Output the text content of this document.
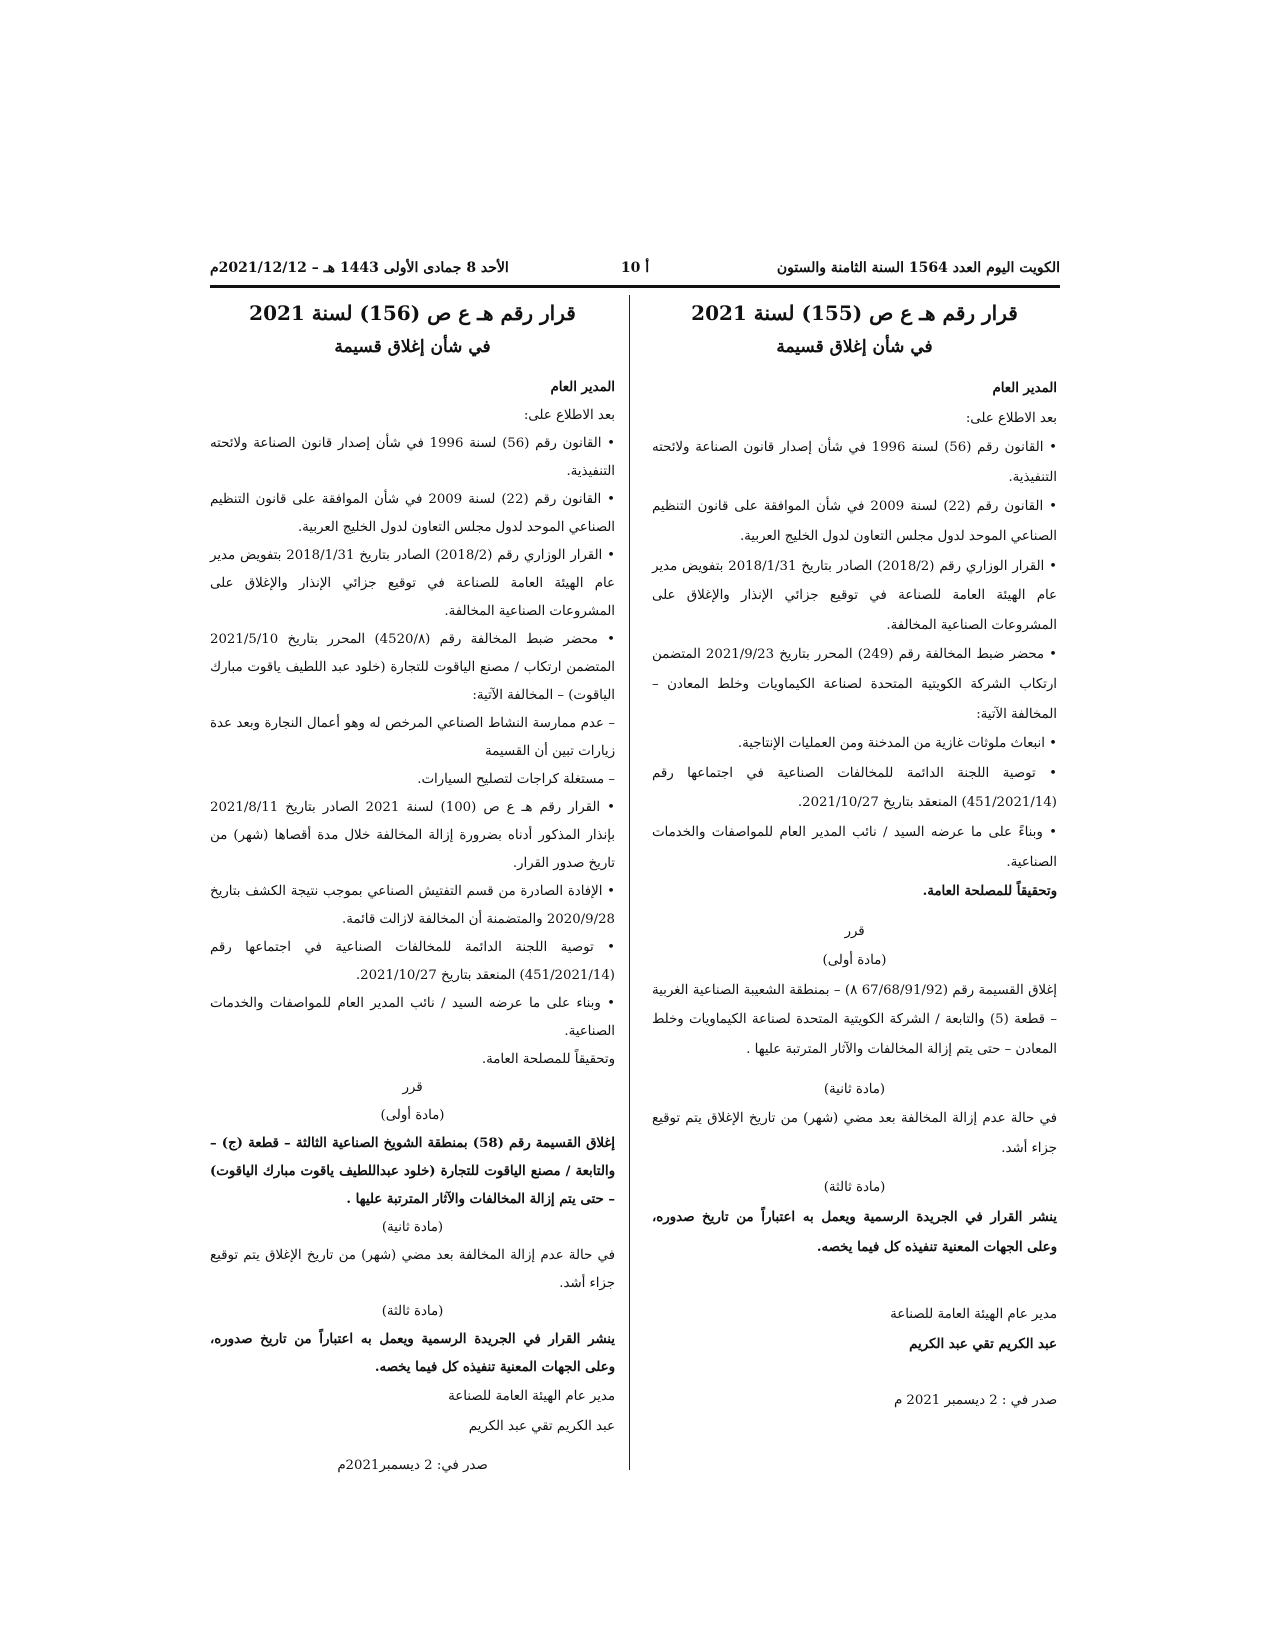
الكويت اليوم العدد 1564 السنة الثامنة والستون
أ 10
الأحد 8 جمادى الأولى 1443 هـ – 2021/12/12م

قرار رقم هـ ع ص (155) لسنة 2021

في شأن إغلاق قسيمة

المدير العام

بعد الاطلاع على:

• القانون رقم (56) لسنة 1996 في شأن إصدار قانون الصناعة ولائحته التنفيذية.

• القانون رقم (22) لسنة 2009 في شأن الموافقة على قانون التنظيم الصناعي الموحد لدول مجلس التعاون لدول الخليج العربية.

• القرار الوزاري رقم (2018/2) الصادر بتاريخ 2018/1/31 بتفويض مدير عام الهيئة العامة للصناعة في توقيع جزائي الإنذار والإغلاق على المشروعات الصناعية المخالفة.

• محضر ضبط المخالفة رقم (249) المحرر بتاريخ 2021/9/23 المتضمن ارتكاب الشركة الكويتية المتحدة لصناعة الكيماويات وخلط المعادن – المخالفة الآتية:

• انبعاث ملوثات غازية من المدخنة ومن العمليات الإنتاجية.

• توصية اللجنة الدائمة للمخالفات الصناعية في اجتماعها رقم (451/2021/14) المنعقد بتاريخ 2021/10/27.

• وبناءً على ما عرضه السيد / نائب المدير العام للمواصفات والخدمات الصناعية.

وتحقيقاً للمصلحة العامة.

قرر

(مادة أولى)

إغلاق القسيمة رقم (67/68/91/92 ٨) – بمنطقة الشعيبة الصناعية الغربية – قطعة (5) والتابعة / الشركة الكويتية المتحدة لصناعة الكيماويات وخلط المعادن – حتى يتم إزالة المخالفات والآثار المترتبة عليها .

(مادة ثانية)

في حالة عدم إزالة المخالفة بعد مضي (شهر) من تاريخ الإغلاق يتم توقيع جزاء أشد.

(مادة ثالثة)

ينشر القرار في الجريدة الرسمية ويعمل به اعتباراً من تاريخ صدوره، وعلى الجهات المعنية تنفيذه كل فيما يخصه.

مدير عام الهيئة العامة للصناعة

عبد الكريم تقي عبد الكريم

صدر في : 2 ديسمبر 2021 م

قرار رقم هـ ع ص (156) لسنة 2021

في شأن إغلاق قسيمة

المدير العام

بعد الاطلاع على:

• القانون رقم (56) لسنة 1996 في شأن إصدار قانون الصناعة ولائحته التنفيذية.

• القانون رقم (22) لسنة 2009 في شأن الموافقة على قانون التنظيم الصناعي الموحد لدول مجلس التعاون لدول الخليج العربية.

• القرار الوزاري رقم (2018/2) الصادر بتاريخ 2018/1/31 بتفويض مدير عام الهيئة العامة للصناعة في توقيع جزائي الإنذار والإغلاق على المشروعات الصناعية المخالفة.

• محضر ضبط المخالفة رقم (4520/٨) المحرر بتاريخ 2021/5/10 المتضمن ارتكاب / مصنع الياقوت للتجارة (خلود عبد اللطيف ياقوت مبارك الياقوت) – المخالفة الآتية:

– عدم ممارسة النشاط الصناعي المرخص له وهو أعمال النجارة وبعد عدة زيارات تبين أن القسيمة

– مستغلة كراجات لتصليح السيارات.

• القرار رقم هـ ع ص (100) لسنة 2021 الصادر بتاريخ 2021/8/11 بإنذار المذكور أدناه بضرورة إزالة المخالفة خلال مدة أقصاها (شهر) من تاريخ صدور القرار.

• الإفادة الصادرة من قسم التفتيش الصناعي بموجب نتيجة الكشف بتاريخ 2020/9/28 والمتضمنة أن المخالفة لازالت قائمة.

• توصية اللجنة الدائمة للمخالفات الصناعية في اجتماعها رقم (451/2021/14) المنعقد بتاريخ 2021/10/27.

• وبناء على ما عرضه السيد / نائب المدير العام للمواصفات والخدمات الصناعية.

وتحقيقاً للمصلحة العامة.

قرر

(مادة أولى)

إغلاق القسيمة رقم (58) بمنطقة الشويخ الصناعية الثالثة – قطعة (ج) – والتابعة / مصنع الياقوت للتجارة (خلود عبداللطيف ياقوت مبارك الياقوت) – حتى يتم إزالة المخالفات والآثار المترتبة عليها .

(مادة ثانية)

في حالة عدم إزالة المخالفة بعد مضي (شهر) من تاريخ الإغلاق يتم توقيع جزاء أشد.

(مادة ثالثة)

ينشر القرار في الجريدة الرسمية ويعمل به اعتباراً من تاريخ صدوره، وعلى الجهات المعنية تنفيذه كل فيما يخصه.

مدير عام الهيئة العامة للصناعة

عبد الكريم تقي عبد الكريم

صدر في: 2 ديسمبر2021م
